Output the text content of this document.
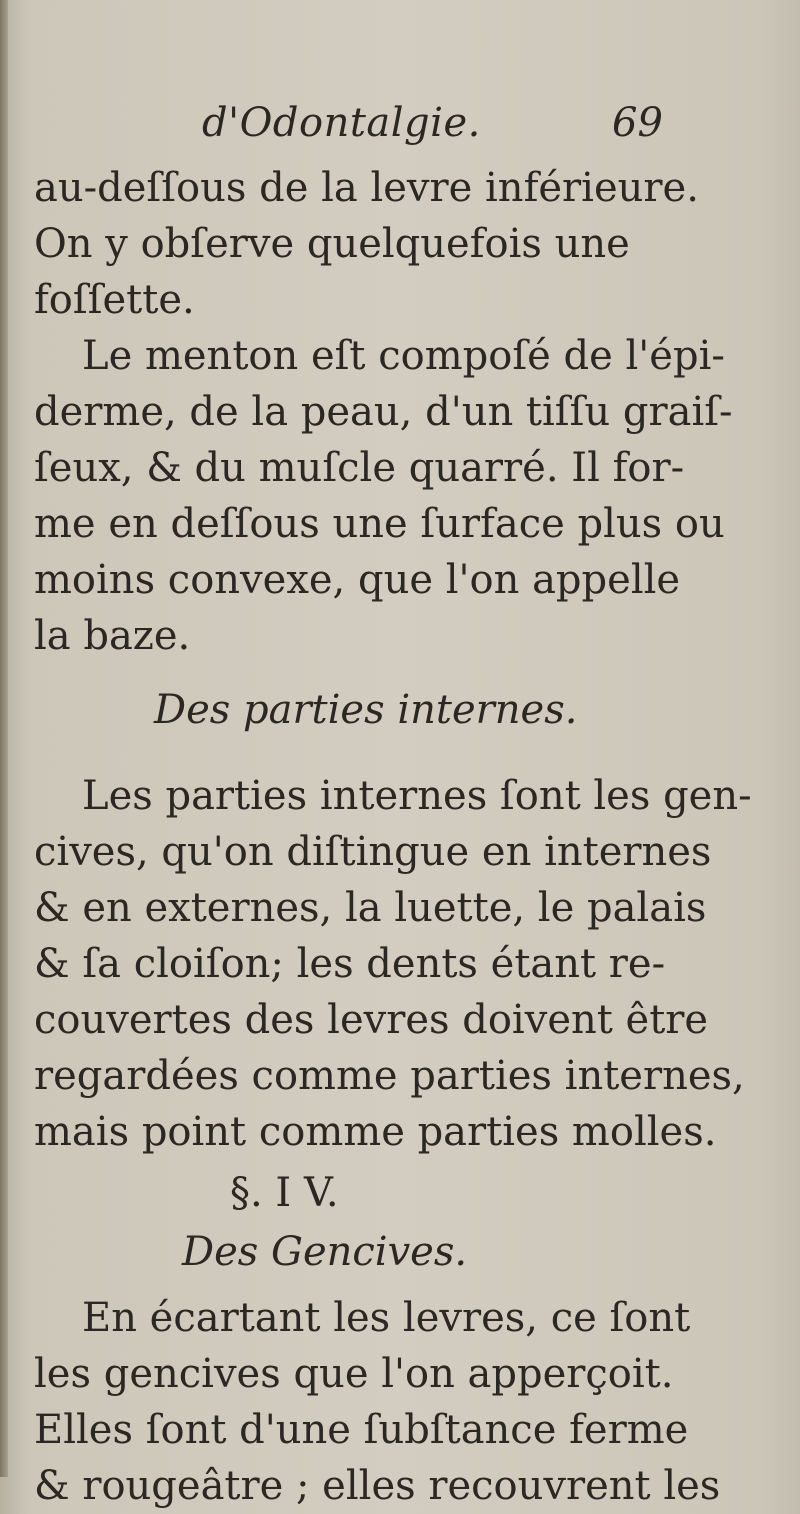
d'Odontalgie.	69

au-deſſous de la levre inférieure.

On y obſerve quelquefois une

foſſette.

Le menton eſt compoſé de l'épi-

derme, de la peau, d'un tiſſu graiſ-

ſeux, & du muſcle quarré. Il for-

me en deſſous une ſurface plus ou

moins convexe, que l'on appelle

la baze.

Des parties internes.

Les parties internes ſont les gen-

cives, qu'on diſtingue en internes

& en externes, la luette, le palais

& ſa cloiſon; les dents étant re-

couvertes des levres doivent être

regardées comme parties internes,

mais point comme parties molles.

§. I V.

Des Gencives.

En écartant les levres, ce ſont

les gencives que l'on apperçoit.

Elles ſont d'une ſubſtance ferme

& rougeâtre ; elles recouvrent les
